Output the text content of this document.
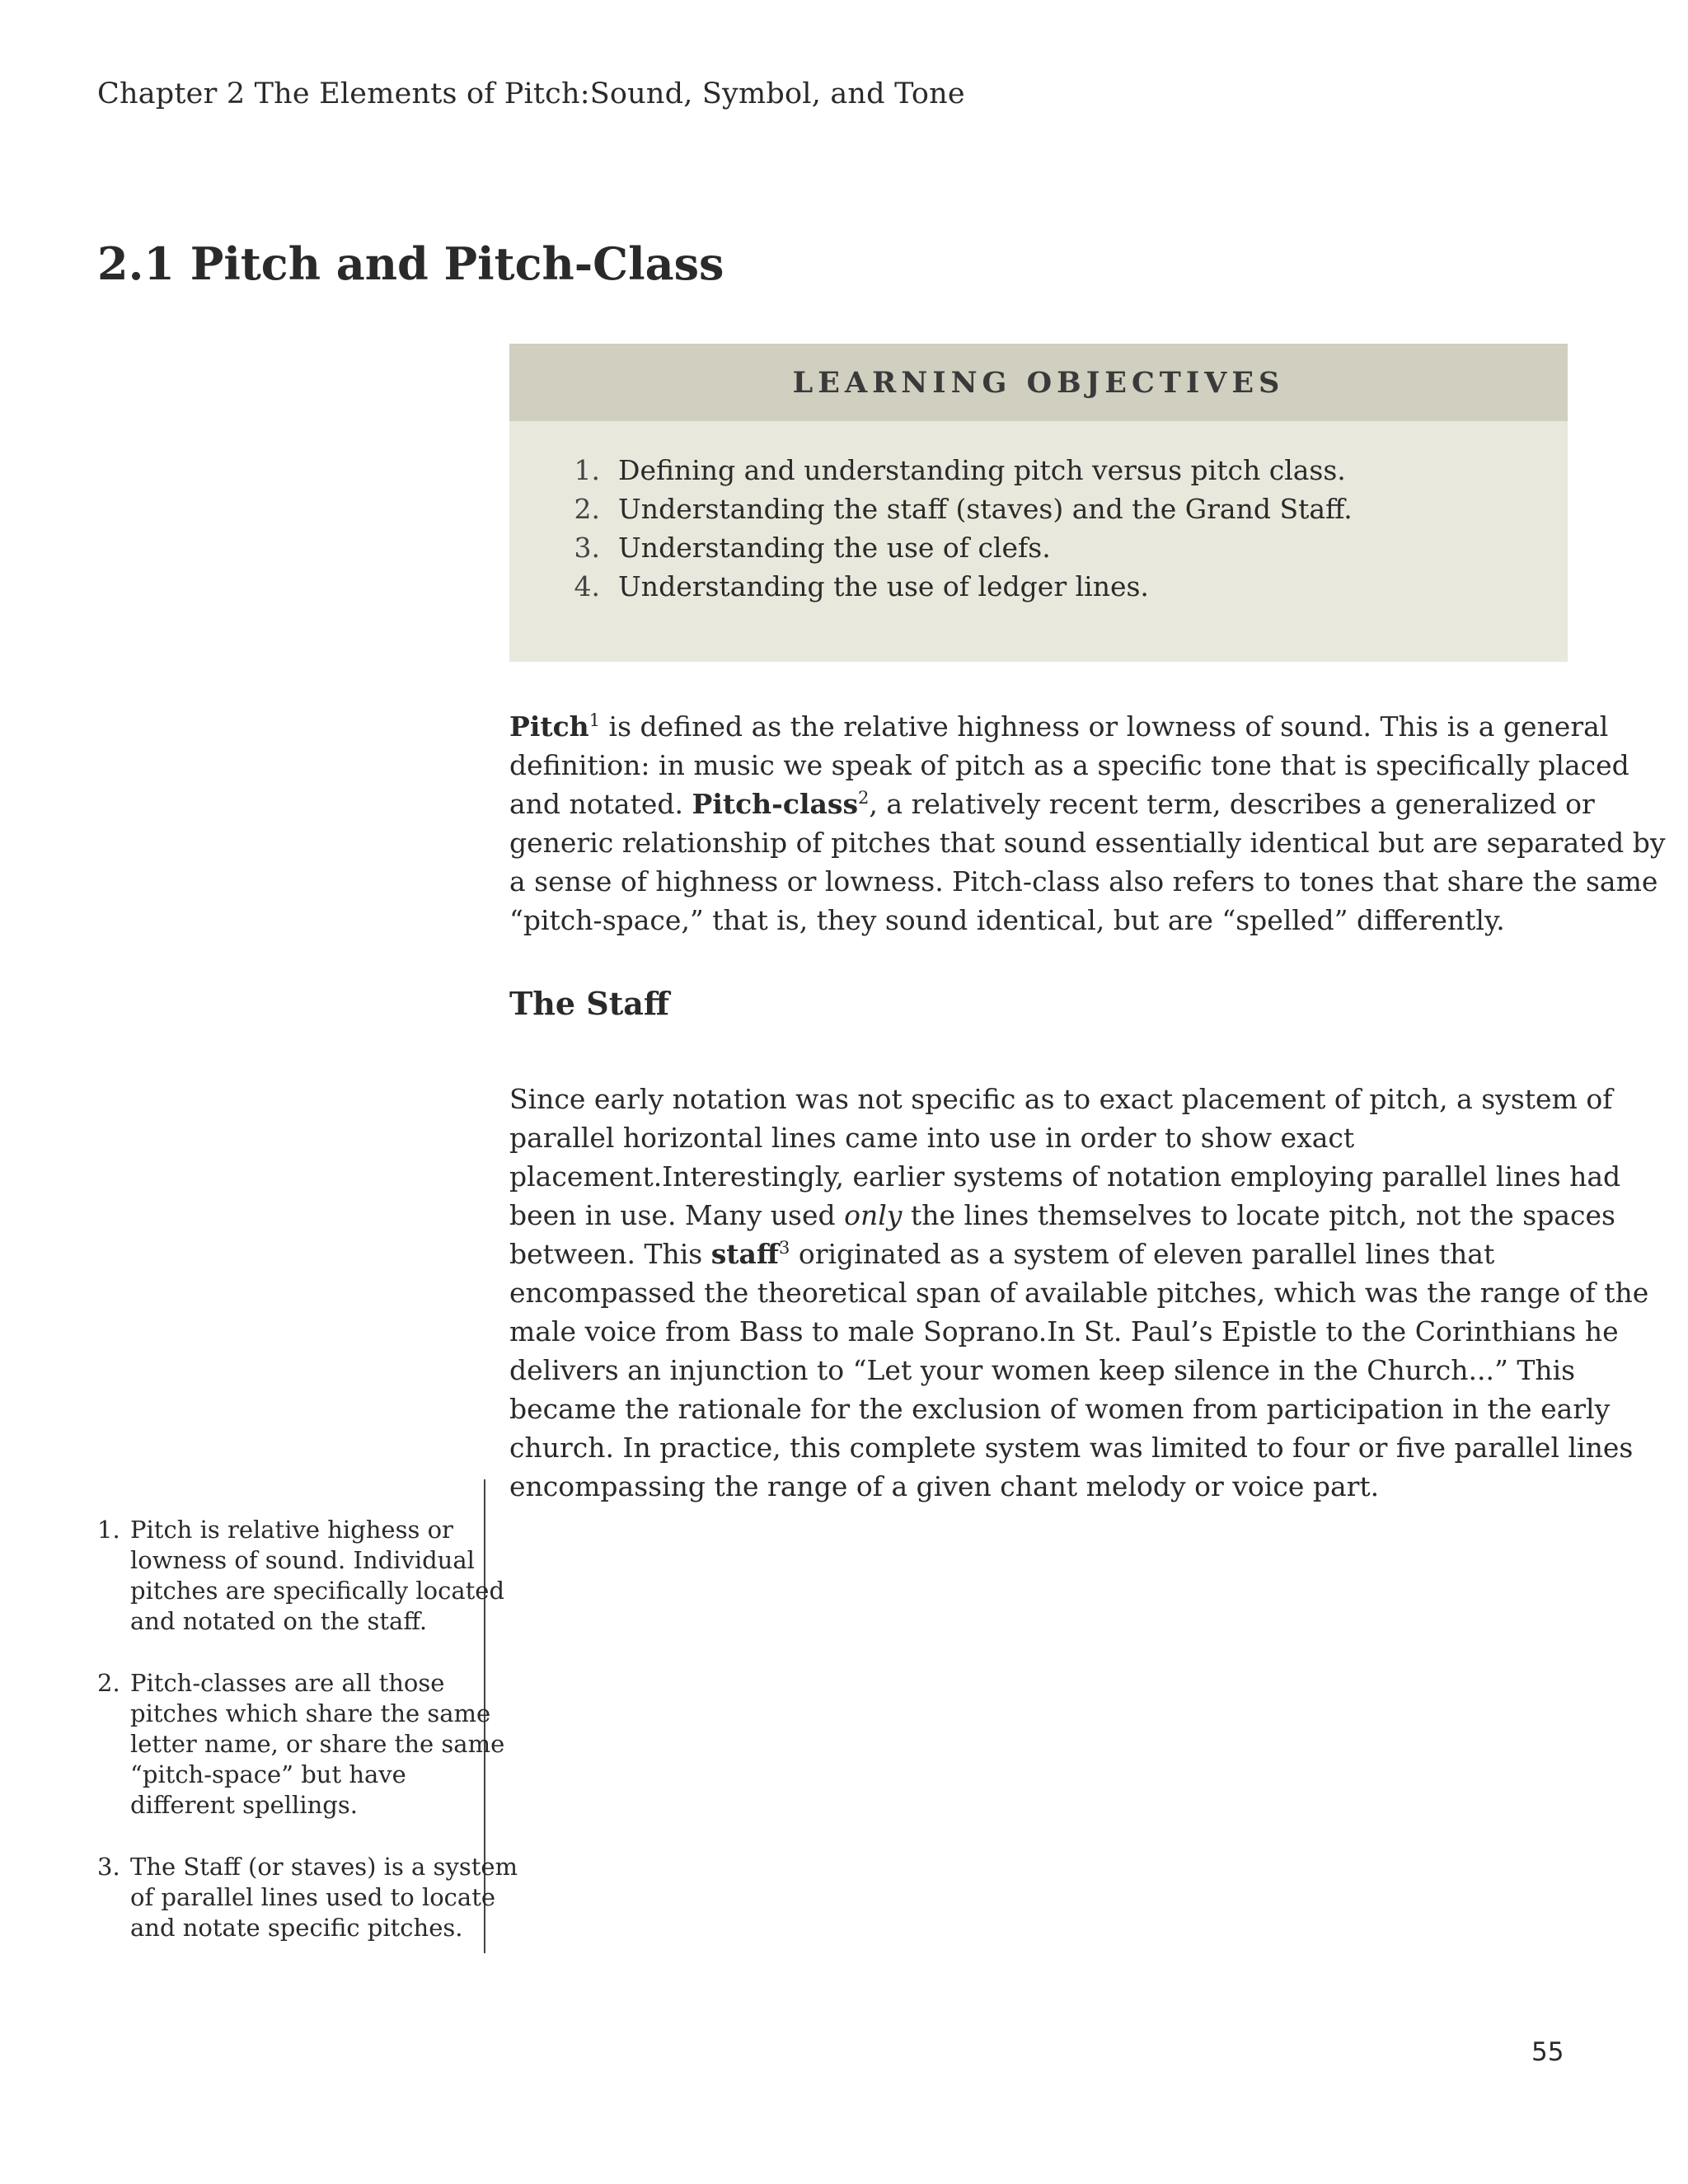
Chapter 2 The Elements of Pitch:Sound, Symbol, and Tone
2.1 Pitch and Pitch-Class
LEARNING OBJECTIVES
1. Defining and understanding pitch versus pitch class.
2. Understanding the staff (staves) and the Grand Staff.
3. Understanding the use of clefs.
4. Understanding the use of ledger lines.

Pitch$^1$ is defined as the relative highness or lowness of sound. This is a general
definition: in music we speak of pitch as a specific tone that is specifically placed
and notated. Pitch-class$^2$, a relatively recent term, describes a generalized or
generic relationship of pitches that sound essentially identical but are separated by
a sense of highness or lowness. Pitch-class also refers to tones that share the same
“pitch-space,” that is, they sound identical, but are “spelled” differently.

The Staff

Since early notation was not specific as to exact placement of pitch, a system of
parallel horizontal lines came into use in order to show exact
placement.Interestingly, earlier systems of notation employing parallel lines had
been in use. Many used only the lines themselves to locate pitch, not the spaces
between. This staff$^3$ originated as a system of eleven parallel lines that
encompassed the theoretical span of available pitches, which was the range of the
male voice from Bass to male Soprano.In St. Paul’s Epistle to the Corinthians he
delivers an injunction to “Let your women keep silence in the Church...” This
became the rationale for the exclusion of women from participation in the early
church. In practice, this complete system was limited to four or five parallel lines
encompassing the range of a given chant melody or voice part.

1. Pitch is relative highess or
lowness of sound. Individual
pitches are specifically located
and notated on the staff.
2. Pitch-classes are all those
pitches which share the same
letter name, or share the same
“pitch-space” but have
different spellings.
3. The Staff (or staves) is a system
of parallel lines used to locate
and notate specific pitches.
55
